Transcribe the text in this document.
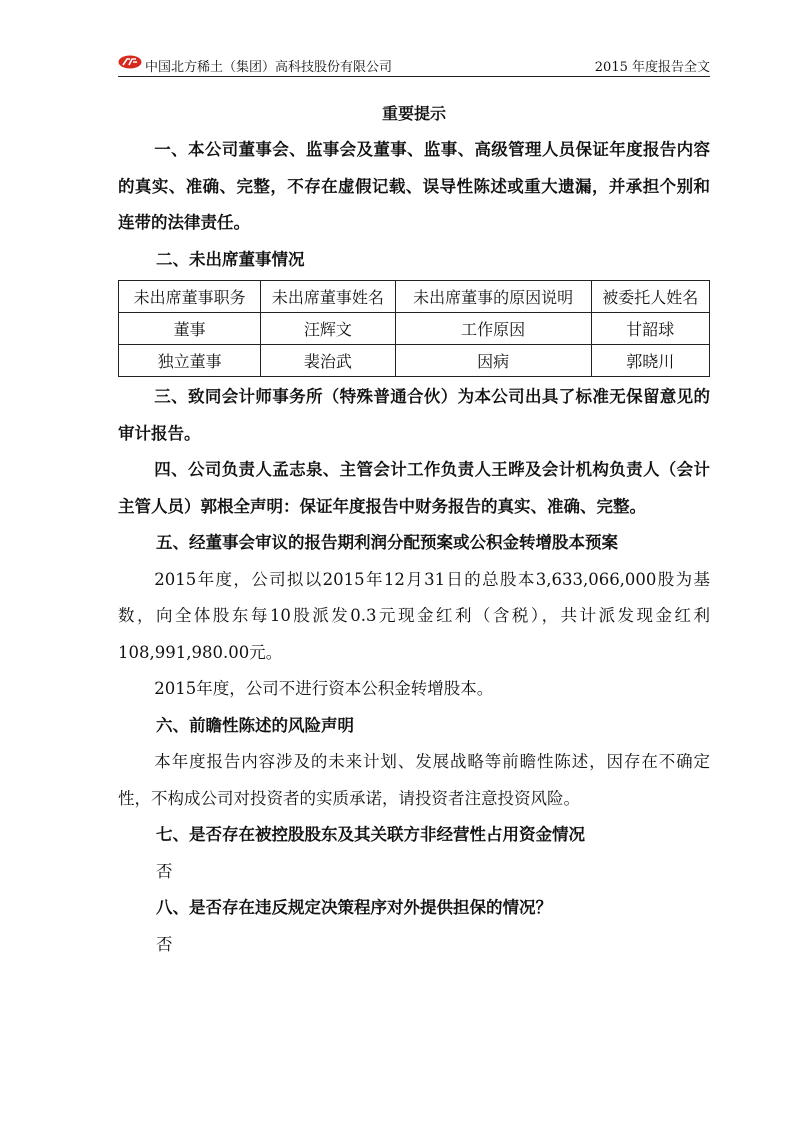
中国北方稀土（集团）高科技股份有限公司	2015 年度报告全文

重要提示

一、本公司董事会、监事会及董事、监事、高级管理人员保证年度报告内容的真实、准确、完整，不存在虚假记载、误导性陈述或重大遗漏，并承担个别和连带的法律责任。

二、未出席董事情况

未出席董事职务	未出席董事姓名	未出席董事的原因说明	被委托人姓名
董事	汪辉文	工作原因	甘韶球
独立董事	裴治武	因病	郭晓川

三、致同会计师事务所（特殊普通合伙）为本公司出具了标准无保留意见的审计报告。

四、公司负责人孟志泉、主管会计工作负责人王晔及会计机构负责人（会计主管人员）郭根全声明：保证年度报告中财务报告的真实、准确、完整。

五、经董事会审议的报告期利润分配预案或公积金转增股本预案

2015年度，公司拟以2015年12月31日的总股本3,633,066,000股为基数，向全体股东每10股派发0.3元现金红利（含税），共计派发现金红利108,991,980.00元。

2015年度，公司不进行资本公积金转增股本。

六、前瞻性陈述的风险声明

本年度报告内容涉及的未来计划、发展战略等前瞻性陈述，因存在不确定性，不构成公司对投资者的实质承诺，请投资者注意投资风险。

七、是否存在被控股股东及其关联方非经营性占用资金情况

否

八、是否存在违反规定决策程序对外提供担保的情况？

否
